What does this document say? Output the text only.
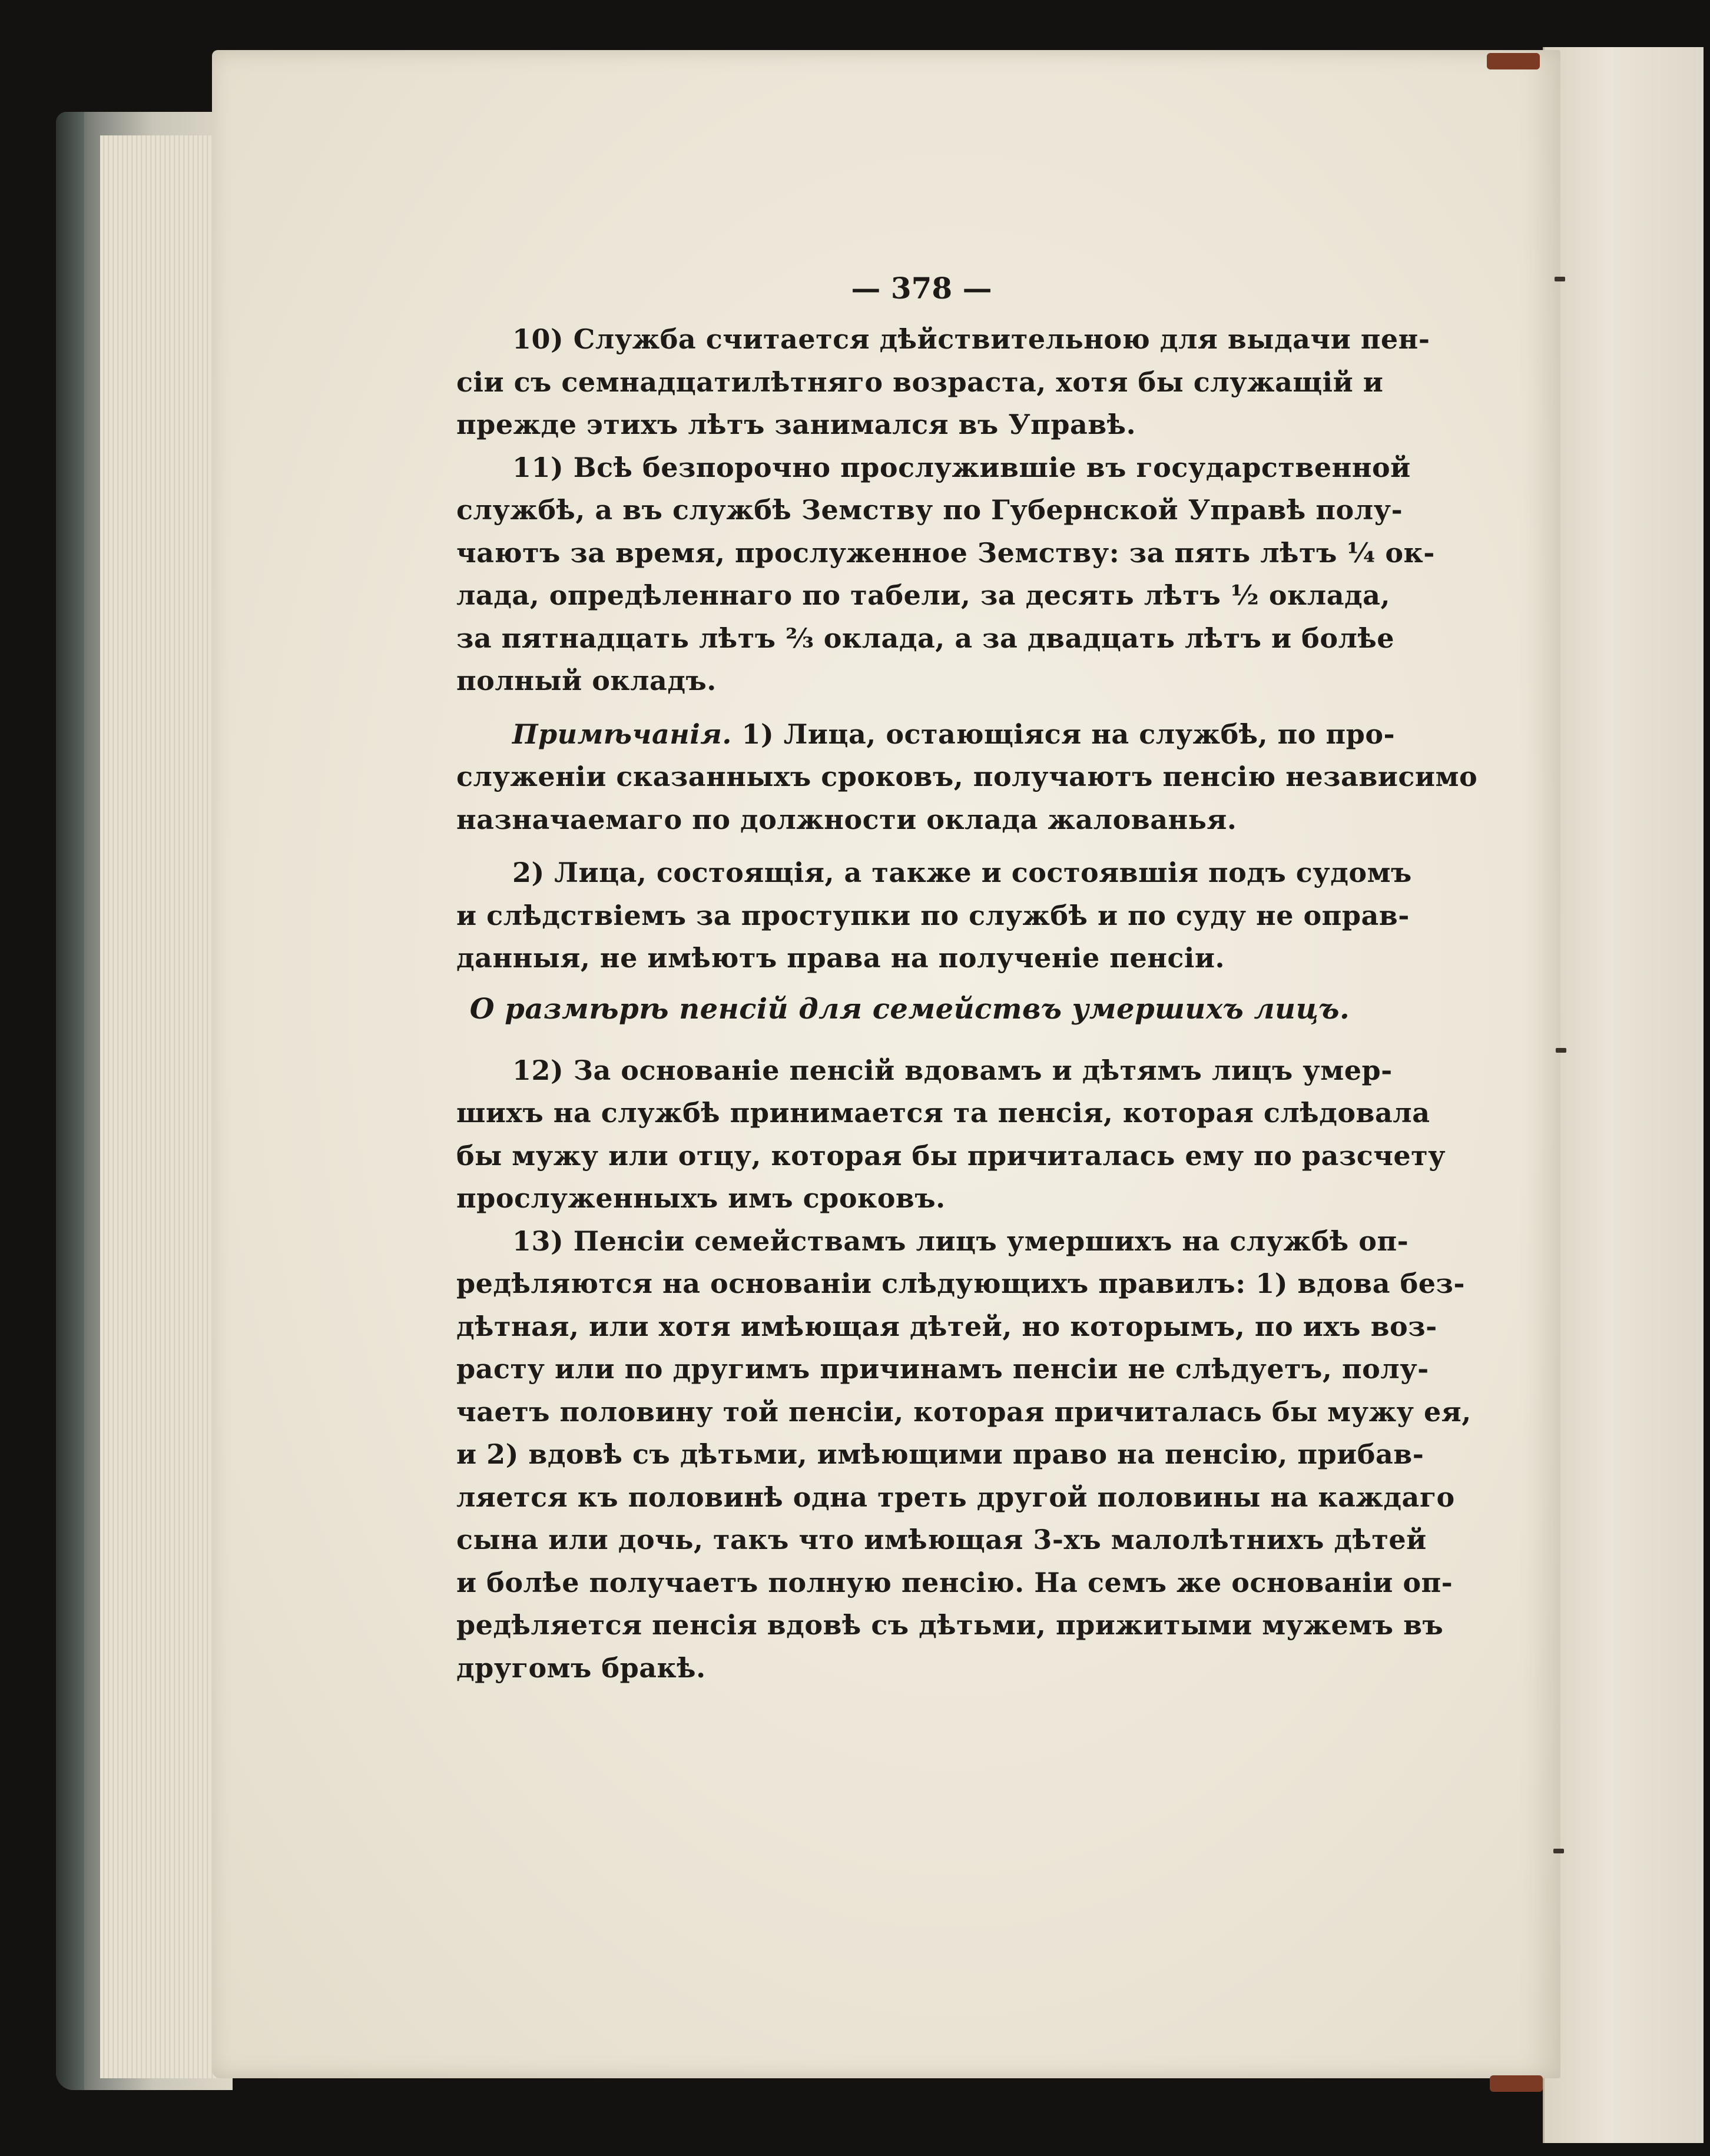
— 378 —
10) Служба считается дѣйствительною для выдачи пен-
сіи съ семнадцатилѣтняго возраста, хотя бы служащій и
прежде этихъ лѣтъ занимался въ Управѣ.
11) Всѣ безпорочно прослужившіе въ государственной
службѣ, а въ службѣ Земству по Губернской Управѣ полу-
чаютъ за время, прослуженное Земству: за пять лѣтъ ¼ ок-
лада, опредѣленнаго по табели, за десять лѣтъ ½ оклада,
за пятнадцать лѣтъ ⅔ оклада, а за двадцать лѣтъ и болѣе
полный окладъ.
Примѣчанія. 1) Лица, остающіяся на службѣ, по про-
служеніи сказанныхъ сроковъ, получаютъ пенсію независимо
назначаемаго по должности оклада жалованья.
2) Лица, состоящія, а также и состоявшія подъ судомъ
и слѣдствіемъ за проступки по службѣ и по суду не оправ-
данныя, не имѣютъ права на полученіе пенсіи.
О размѣрѣ пенсій для семействъ умершихъ лицъ.
12) За основаніе пенсій вдовамъ и дѣтямъ лицъ умер-
шихъ на службѣ принимается та пенсія, которая слѣдовала
бы мужу или отцу, которая бы причиталась ему по разсчету
прослуженныхъ имъ сроковъ.
13) Пенсіи семействамъ лицъ умершихъ на службѣ оп-
редѣляются на основаніи слѣдующихъ правилъ: 1) вдова без-
дѣтная, или хотя имѣющая дѣтей, но которымъ, по ихъ воз-
расту или по другимъ причинамъ пенсіи не слѣдуетъ, полу-
чаетъ половину той пенсіи, которая причиталась бы мужу ея,
и 2) вдовѣ съ дѣтьми, имѣющими право на пенсію, прибав-
ляется къ половинѣ одна треть другой половины на каждаго
сына или дочь, такъ что имѣющая 3-хъ малолѣтнихъ дѣтей
и болѣе получаетъ полную пенсію. На семъ же основаніи оп-
редѣляется пенсія вдовѣ съ дѣтьми, прижитыми мужемъ въ
другомъ бракѣ.
